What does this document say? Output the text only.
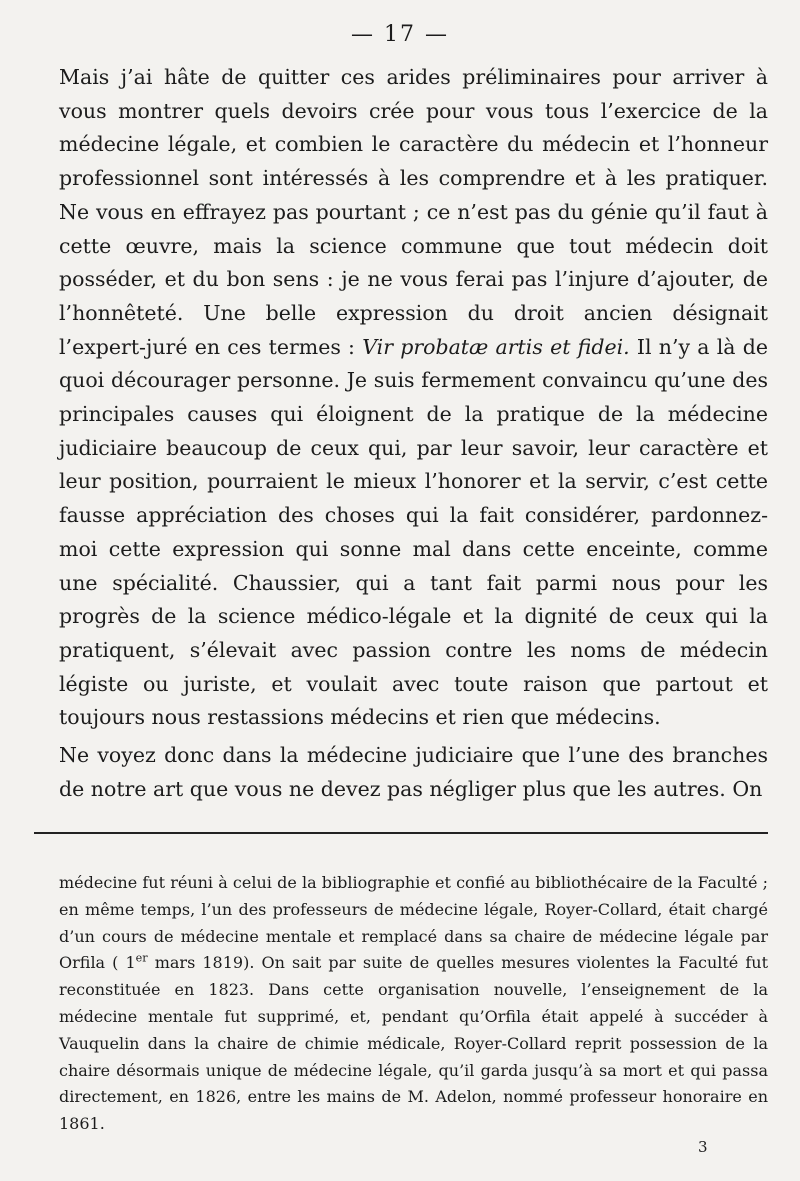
— 17 —

Mais j’ai hâte de quitter ces arides préliminaires pour arriver à vous montrer quels devoirs crée pour vous tous l’exercice de la médecine légale, et combien le caractère du médecin et l’honneur professionnel sont intéressés à les comprendre et à les pratiquer. Ne vous en effrayez pas pourtant ; ce n’est pas du génie qu’il faut à cette œuvre, mais la science commune que tout médecin doit posséder, et du bon sens : je ne vous ferai pas l’injure d’ajouter, de l’honnêteté. Une belle expression du droit ancien désignait l’expert-juré en ces termes : Vir probatæ artis et fidei. Il n’y a là de quoi décourager personne. Je suis fermement convaincu qu’une des principales causes qui éloignent de la pratique de la médecine judiciaire beaucoup de ceux qui, par leur savoir, leur caractère et leur position, pourraient le mieux l’honorer et la servir, c’est cette fausse appréciation des choses qui la fait considérer, pardonnez-moi cette expression qui sonne mal dans cette enceinte, comme une spécialité. Chaussier, qui a tant fait parmi nous pour les progrès de la science médico-légale et la dignité de ceux qui la pratiquent, s’élevait avec passion contre les noms de médecin légiste ou juriste, et voulait avec toute raison que partout et toujours nous restassions médecins et rien que médecins.

Ne voyez donc dans la médecine judiciaire que l’une des branches de notre art que vous ne devez pas négliger plus que les autres. On

médecine fut réuni à celui de la bibliographie et confié au bibliothécaire de la Faculté ; en même temps, l’un des professeurs de médecine légale, Royer-Collard, était chargé d’un cours de médecine mentale et remplacé dans sa chaire de médecine légale par Orfila ( 1er mars 1819). On sait par suite de quelles mesures violentes la Faculté fut reconstituée en 1823. Dans cette organisation nouvelle, l’enseignement de la médecine mentale fut supprimé, et, pendant qu’Orfila était appelé à succéder à Vauquelin dans la chaire de chimie médicale, Royer-Collard reprit possession de la chaire désormais unique de médecine légale, qu’il garda jusqu’à sa mort et qui passa directement, en 1826, entre les mains de M. Adelon, nommé professeur honoraire en 1861.

3
